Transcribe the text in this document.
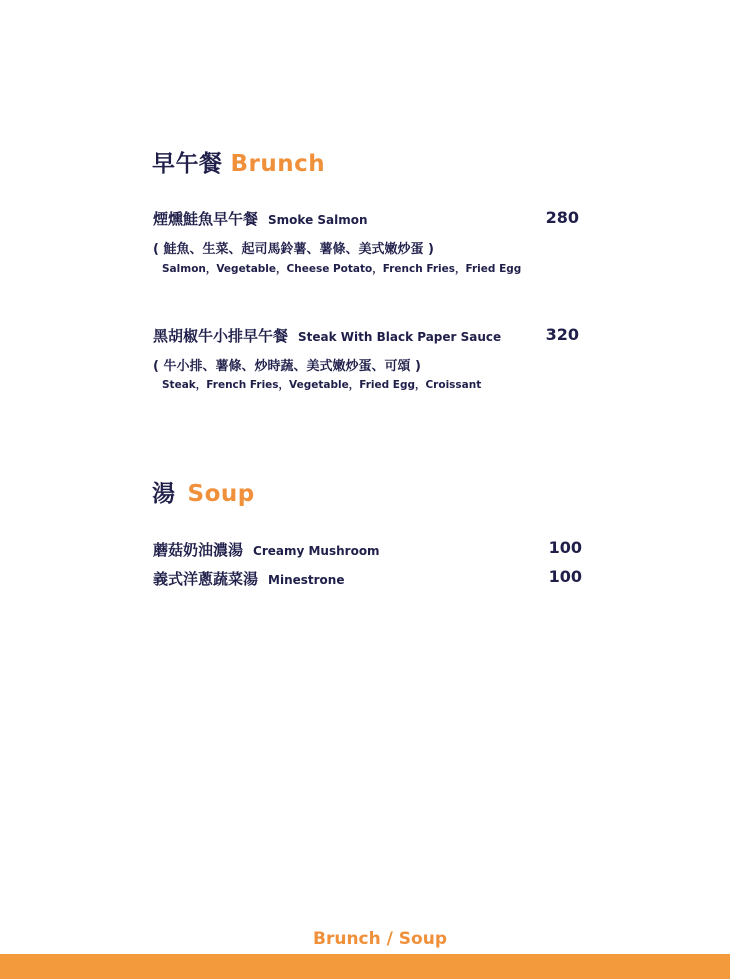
早午餐 Brunch
煙燻鮭魚早午餐 Smoke Salmon	280
( 鮭魚、生菜、起司馬鈴薯、薯條、美式嫩炒蛋 )
Salmon，Vegetable，Cheese Potato，French Fries，Fried Egg
黑胡椒牛小排早午餐 Steak With Black Paper Sauce	320
( 牛小排、薯條、炒時蔬、美式嫩炒蛋、可頌 )
Steak，French Fries，Vegetable，Fried Egg，Croissant
湯 Soup
蘑菇奶油濃湯 Creamy Mushroom	100
義式洋蔥蔬菜湯 Minestrone	100
Brunch / Soup
